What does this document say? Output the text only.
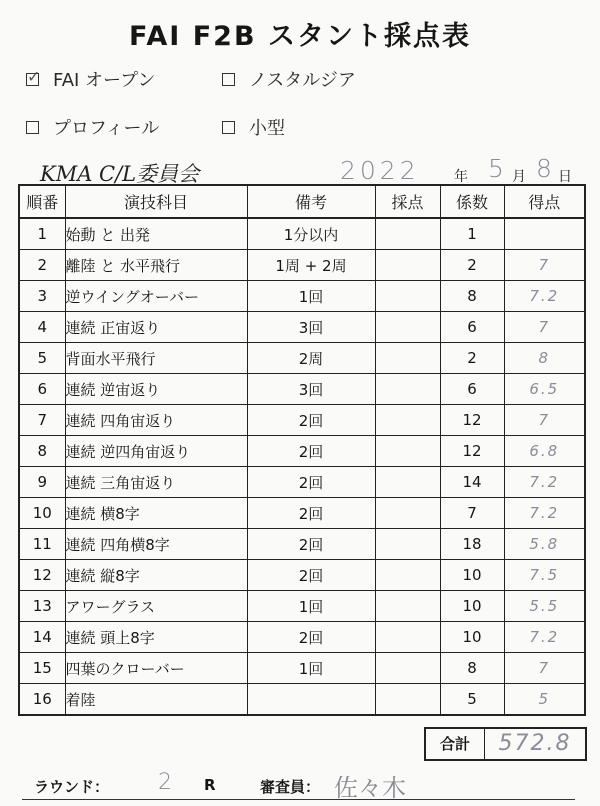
FAI F2B スタント採点表
✓ FAI オープン	ノスタルジア
プロフィール	小型
KMA C/L委員会	2022 年 5 月 8 日
順番	演技科目	備考	採点	係数	得点
1	始動 と 出発	1分以内		1	
2	離陸 と 水平飛行	1周 + 2周		2	7
3	逆ウイングオーバー	1回		8	7.2
4	連続 正宙返り	3回		6	7
5	背面水平飛行	2周		2	8
6	連続 逆宙返り	3回		6	6.5
7	連続 四角宙返り	2回		12	7
8	連続 逆四角宙返り	2回		12	6.8
9	連続 三角宙返り	2回		14	7.2
10	連続 横8字	2回		7	7.2
11	連続 四角横8字	2回		18	5.8
12	連続 縦8字	2回		10	7.5
13	アワーグラス	1回		10	5.5
14	連続 頭上8字	2回		10	7.2
15	四葉のクローバー	1回		8	7
16	着陸			5	5
合計	572.8
ラウンド： 2 R	審査員： 佐々木
